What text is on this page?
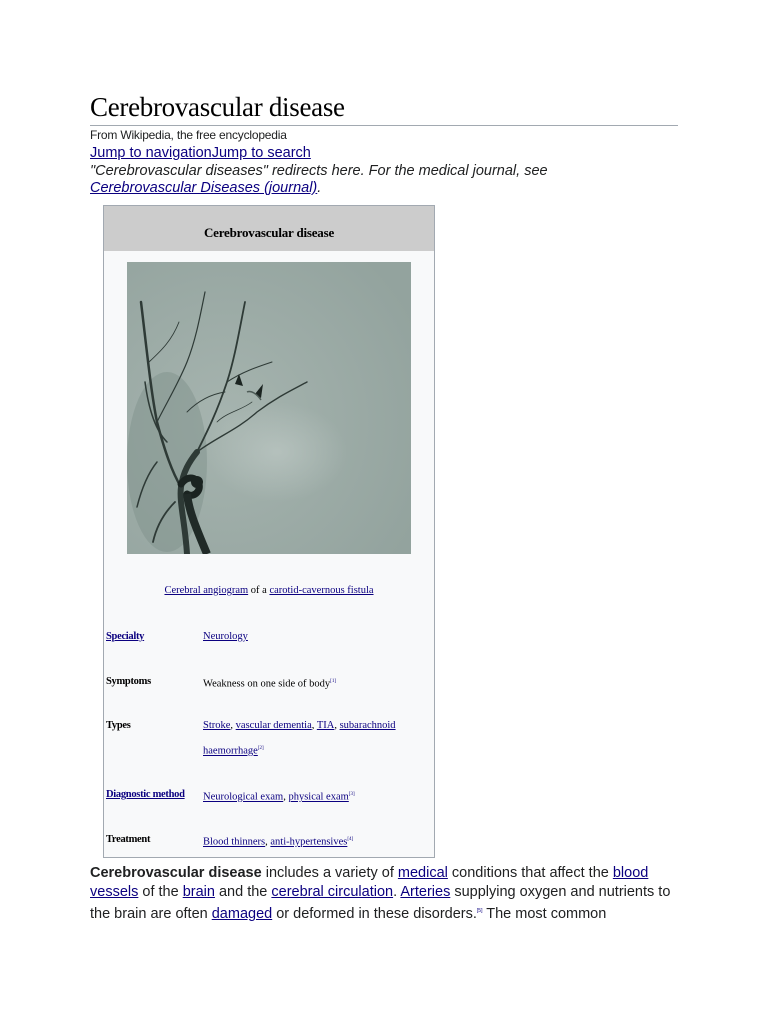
Cerebrovascular disease
From Wikipedia, the free encyclopedia
Jump to navigationJump to search
"Cerebrovascular diseases" redirects here. For the medical journal, see Cerebrovascular Diseases (journal).
Cerebrovascular disease
Cerebral angiogram of a carotid-cavernous fistula
Specialty	Neurology
Symptoms	Weakness on one side of body[1]
Types	Stroke, vascular dementia, TIA, subarachnoid haemorrhage[2]
Diagnostic method	Neurological exam, physical exam[3]
Treatment	Blood thinners, anti-hypertensives[4]

Cerebrovascular disease includes a variety of medical conditions that affect the blood vessels of the brain and the cerebral circulation. Arteries supplying oxygen and nutrients to the brain are often damaged or deformed in these disorders.[5] The most common
